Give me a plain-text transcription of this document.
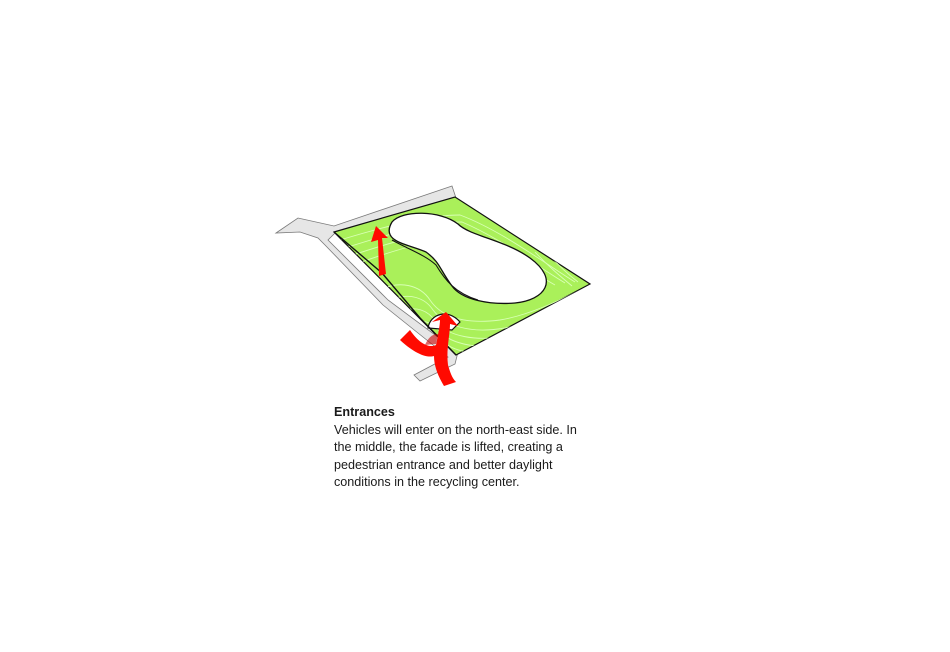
Entrances

Vehicles will enter on the north-east side. In
the middle, the facade is lifted, creating a
pedestrian entrance and better daylight
conditions in the recycling center.
